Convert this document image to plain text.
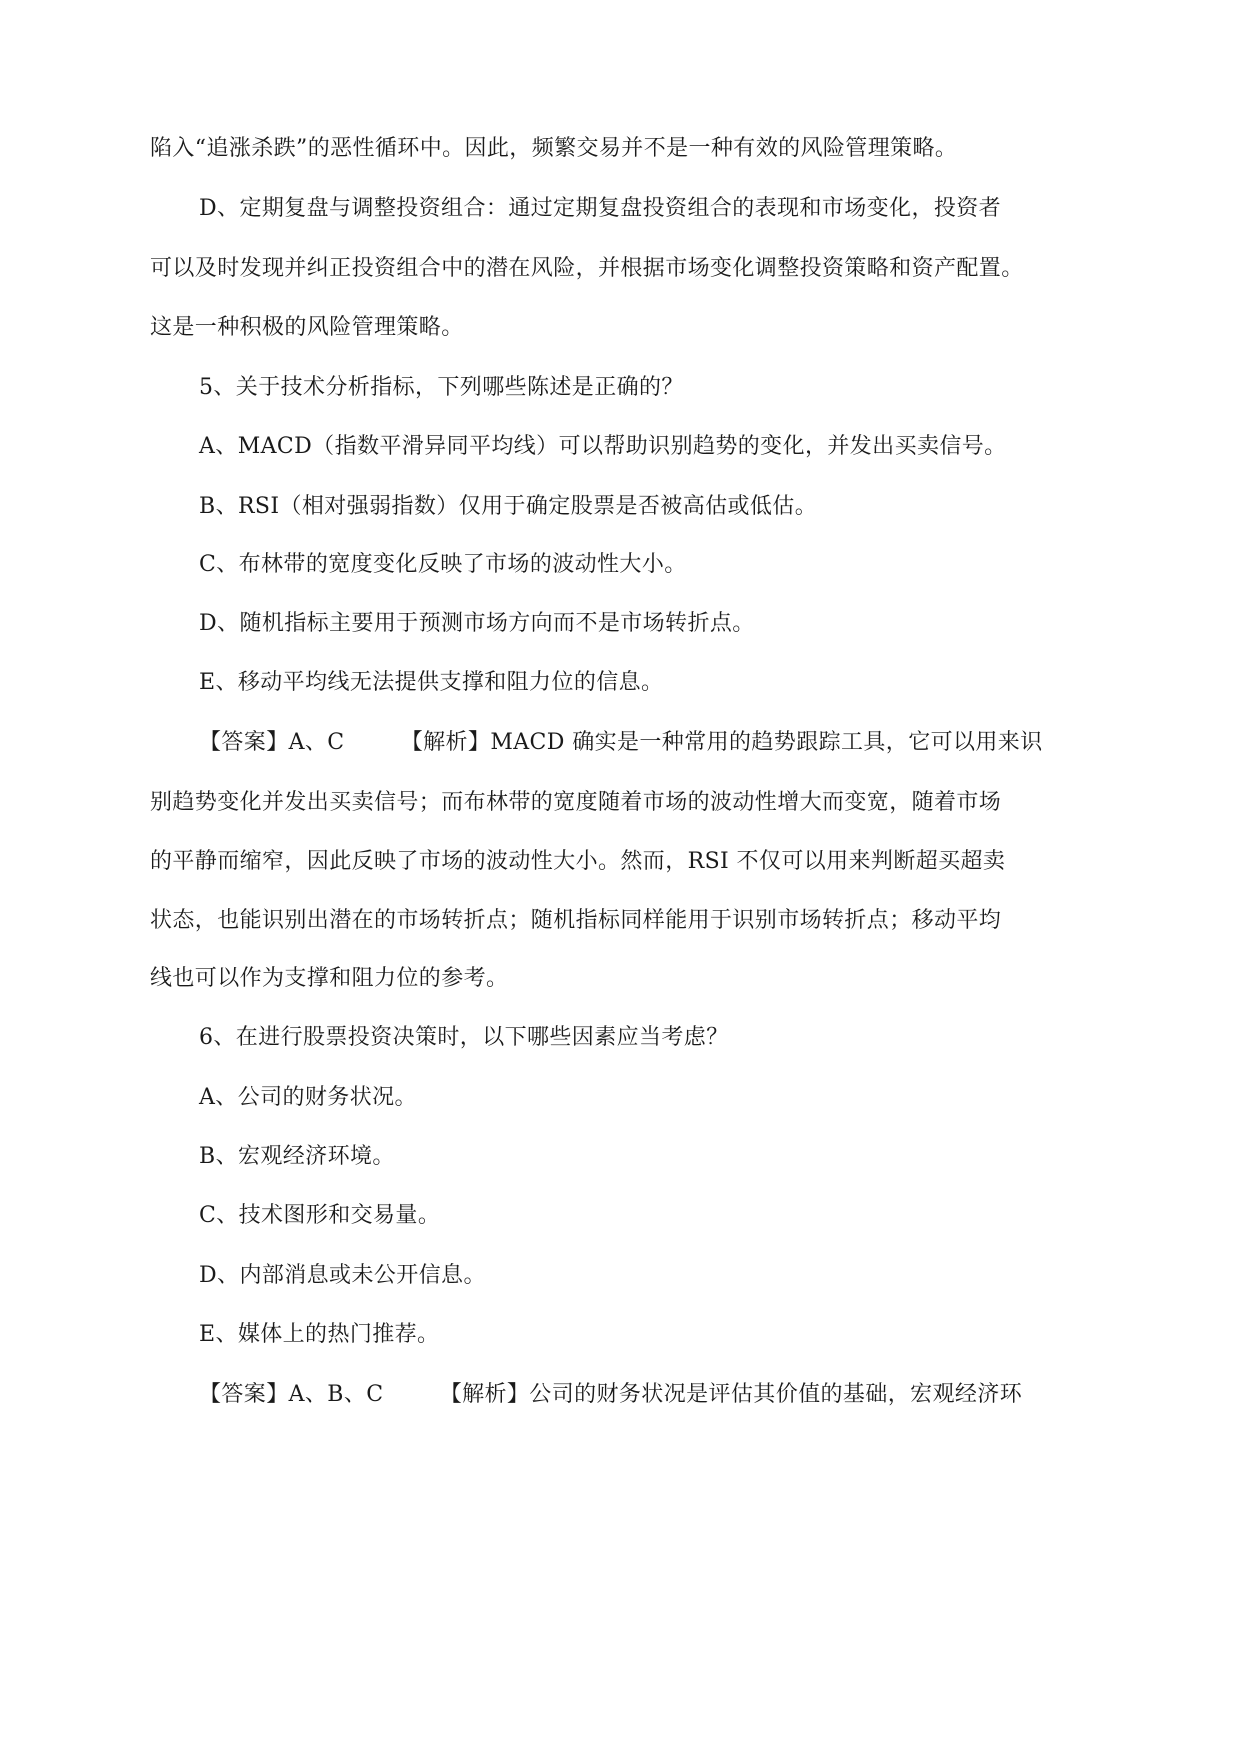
陷入“追涨杀跌”的恶性循环中。因此，频繁交易并不是一种有效的风险管理策略。
D、定期复盘与调整投资组合：通过定期复盘投资组合的表现和市场变化，投资者
可以及时发现并纠正投资组合中的潜在风险，并根据市场变化调整投资策略和资产配置。
这是一种积极的风险管理策略。
5、关于技术分析指标，下列哪些陈述是正确的？
A、MACD（指数平滑异同平均线）可以帮助识别趋势的变化，并发出买卖信号。
B、RSI（相对强弱指数）仅用于确定股票是否被高估或低估。
C、布林带的宽度变化反映了市场的波动性大小。
D、随机指标主要用于预测市场方向而不是市场转折点。
E、移动平均线无法提供支撑和阻力位的信息。
【答案】A、C　　　【解析】MACD 确实是一种常用的趋势跟踪工具，它可以用来识
别趋势变化并发出买卖信号；而布林带的宽度随着市场的波动性增大而变宽，随着市场
的平静而缩窄，因此反映了市场的波动性大小。然而，RSI 不仅可以用来判断超买超卖
状态，也能识别出潜在的市场转折点；随机指标同样能用于识别市场转折点；移动平均
线也可以作为支撑和阻力位的参考。
6、在进行股票投资决策时，以下哪些因素应当考虑？
A、公司的财务状况。
B、宏观经济环境。
C、技术图形和交易量。
D、内部消息或未公开信息。
E、媒体上的热门推荐。
【答案】A、B、C　　　【解析】公司的财务状况是评估其价值的基础，宏观经济环
